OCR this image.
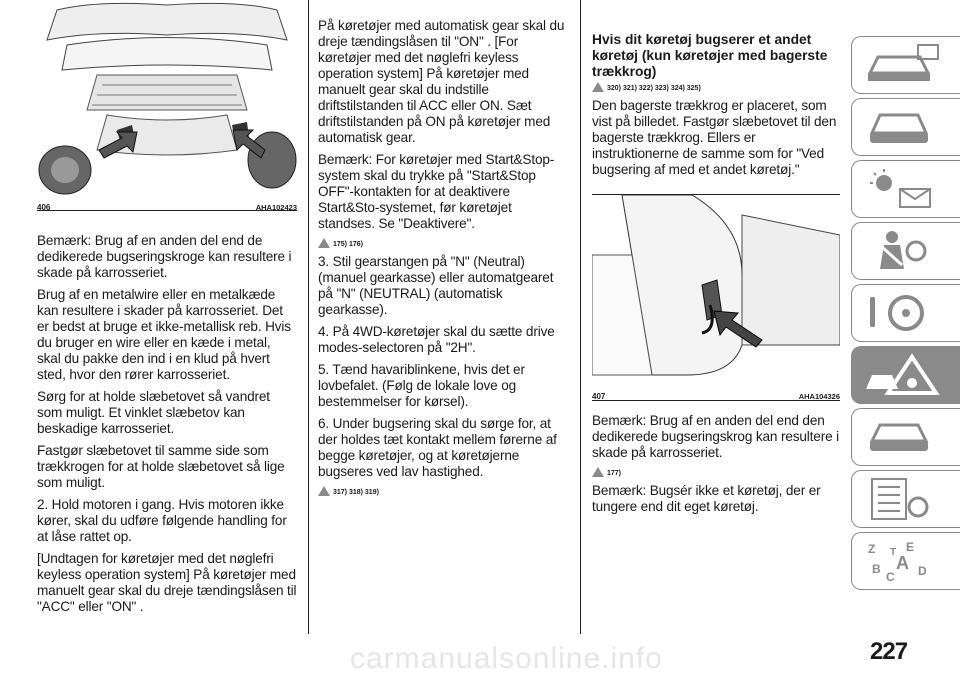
406	AHA102423

Bemærk: Brug af en anden del end de dedikerede bugseringskroge kan resultere i skade på karrosseriet.

Brug af en metalwire eller en metalkæde kan resultere i skader på karrosseriet. Det er bedst at bruge et ikke-metallisk reb. Hvis du bruger en wire eller en kæde i metal, skal du pakke den ind i en klud på hvert sted, hvor den rører karrosseriet.

Sørg for at holde slæbetovet så vandret som muligt. Et vinklet slæbetov kan beskadige karrosseriet.

Fastgør slæbetovet til samme side som trækkrogen for at holde slæbetovet så lige som muligt.

2. Hold motoren i gang. Hvis motoren ikke kører, skal du udføre følgende handling for at låse rattet op.

[Undtagen for køretøjer med det nøglefri keyless operation system] På køretøjer med manuelt gear skal du dreje tændingslåsen til "ACC" eller "ON" .

På køretøjer med automatisk gear skal du dreje tændingslåsen til "ON" . [For køretøjer med det nøglefri keyless operation system] På køretøjer med manuelt gear skal du indstille driftstilstanden til ACC eller ON. Sæt driftstilstanden på ON på køretøjer med automatisk gear.

Bemærk: For køretøjer med Start&Stop-system skal du trykke på "Start&Stop OFF"-kontakten for at deaktivere Start&Sto-systemet, før køretøjet standses. Se "Deaktivere".

175) 176)

3. Stil gearstangen på "N" (Neutral) (manuel gearkasse) eller automatgearet på "N" (NEUTRAL) (automatisk gearkasse).

4. På 4WD-køretøjer skal du sætte drive modes-selectoren på "2H".

5. Tænd havariblinkene, hvis det er lovbefalet. (Følg de lokale love og bestemmelser for kørsel).

6. Under bugsering skal du sørge for, at der holdes tæt kontakt mellem førerne af begge køretøjer, og at køretøjerne bugseres ved lav hastighed.

317) 318) 319)
Hvis dit køretøj bugserer et andet køretøj (kun køretøjer med bagerste trækkrog)
320) 321) 322) 323) 324) 325)

Den bagerste trækkrog er placeret, som vist på billedet. Fastgør slæbetovet til den bagerste trækkrog. Ellers er instruktionerne de samme som for "Ved bugsering af med et andet køretøj."

407	AHA104326

Bemærk: Brug af en anden del end den dedikerede bugseringskrog kan resultere i skade på karrosseriet.

177)

Bemærk: Bugsér ikke et køretøj, der er tungere end dit eget køretøj.

Z	E
B
C
A D
T
227
carmanualsonline.info
